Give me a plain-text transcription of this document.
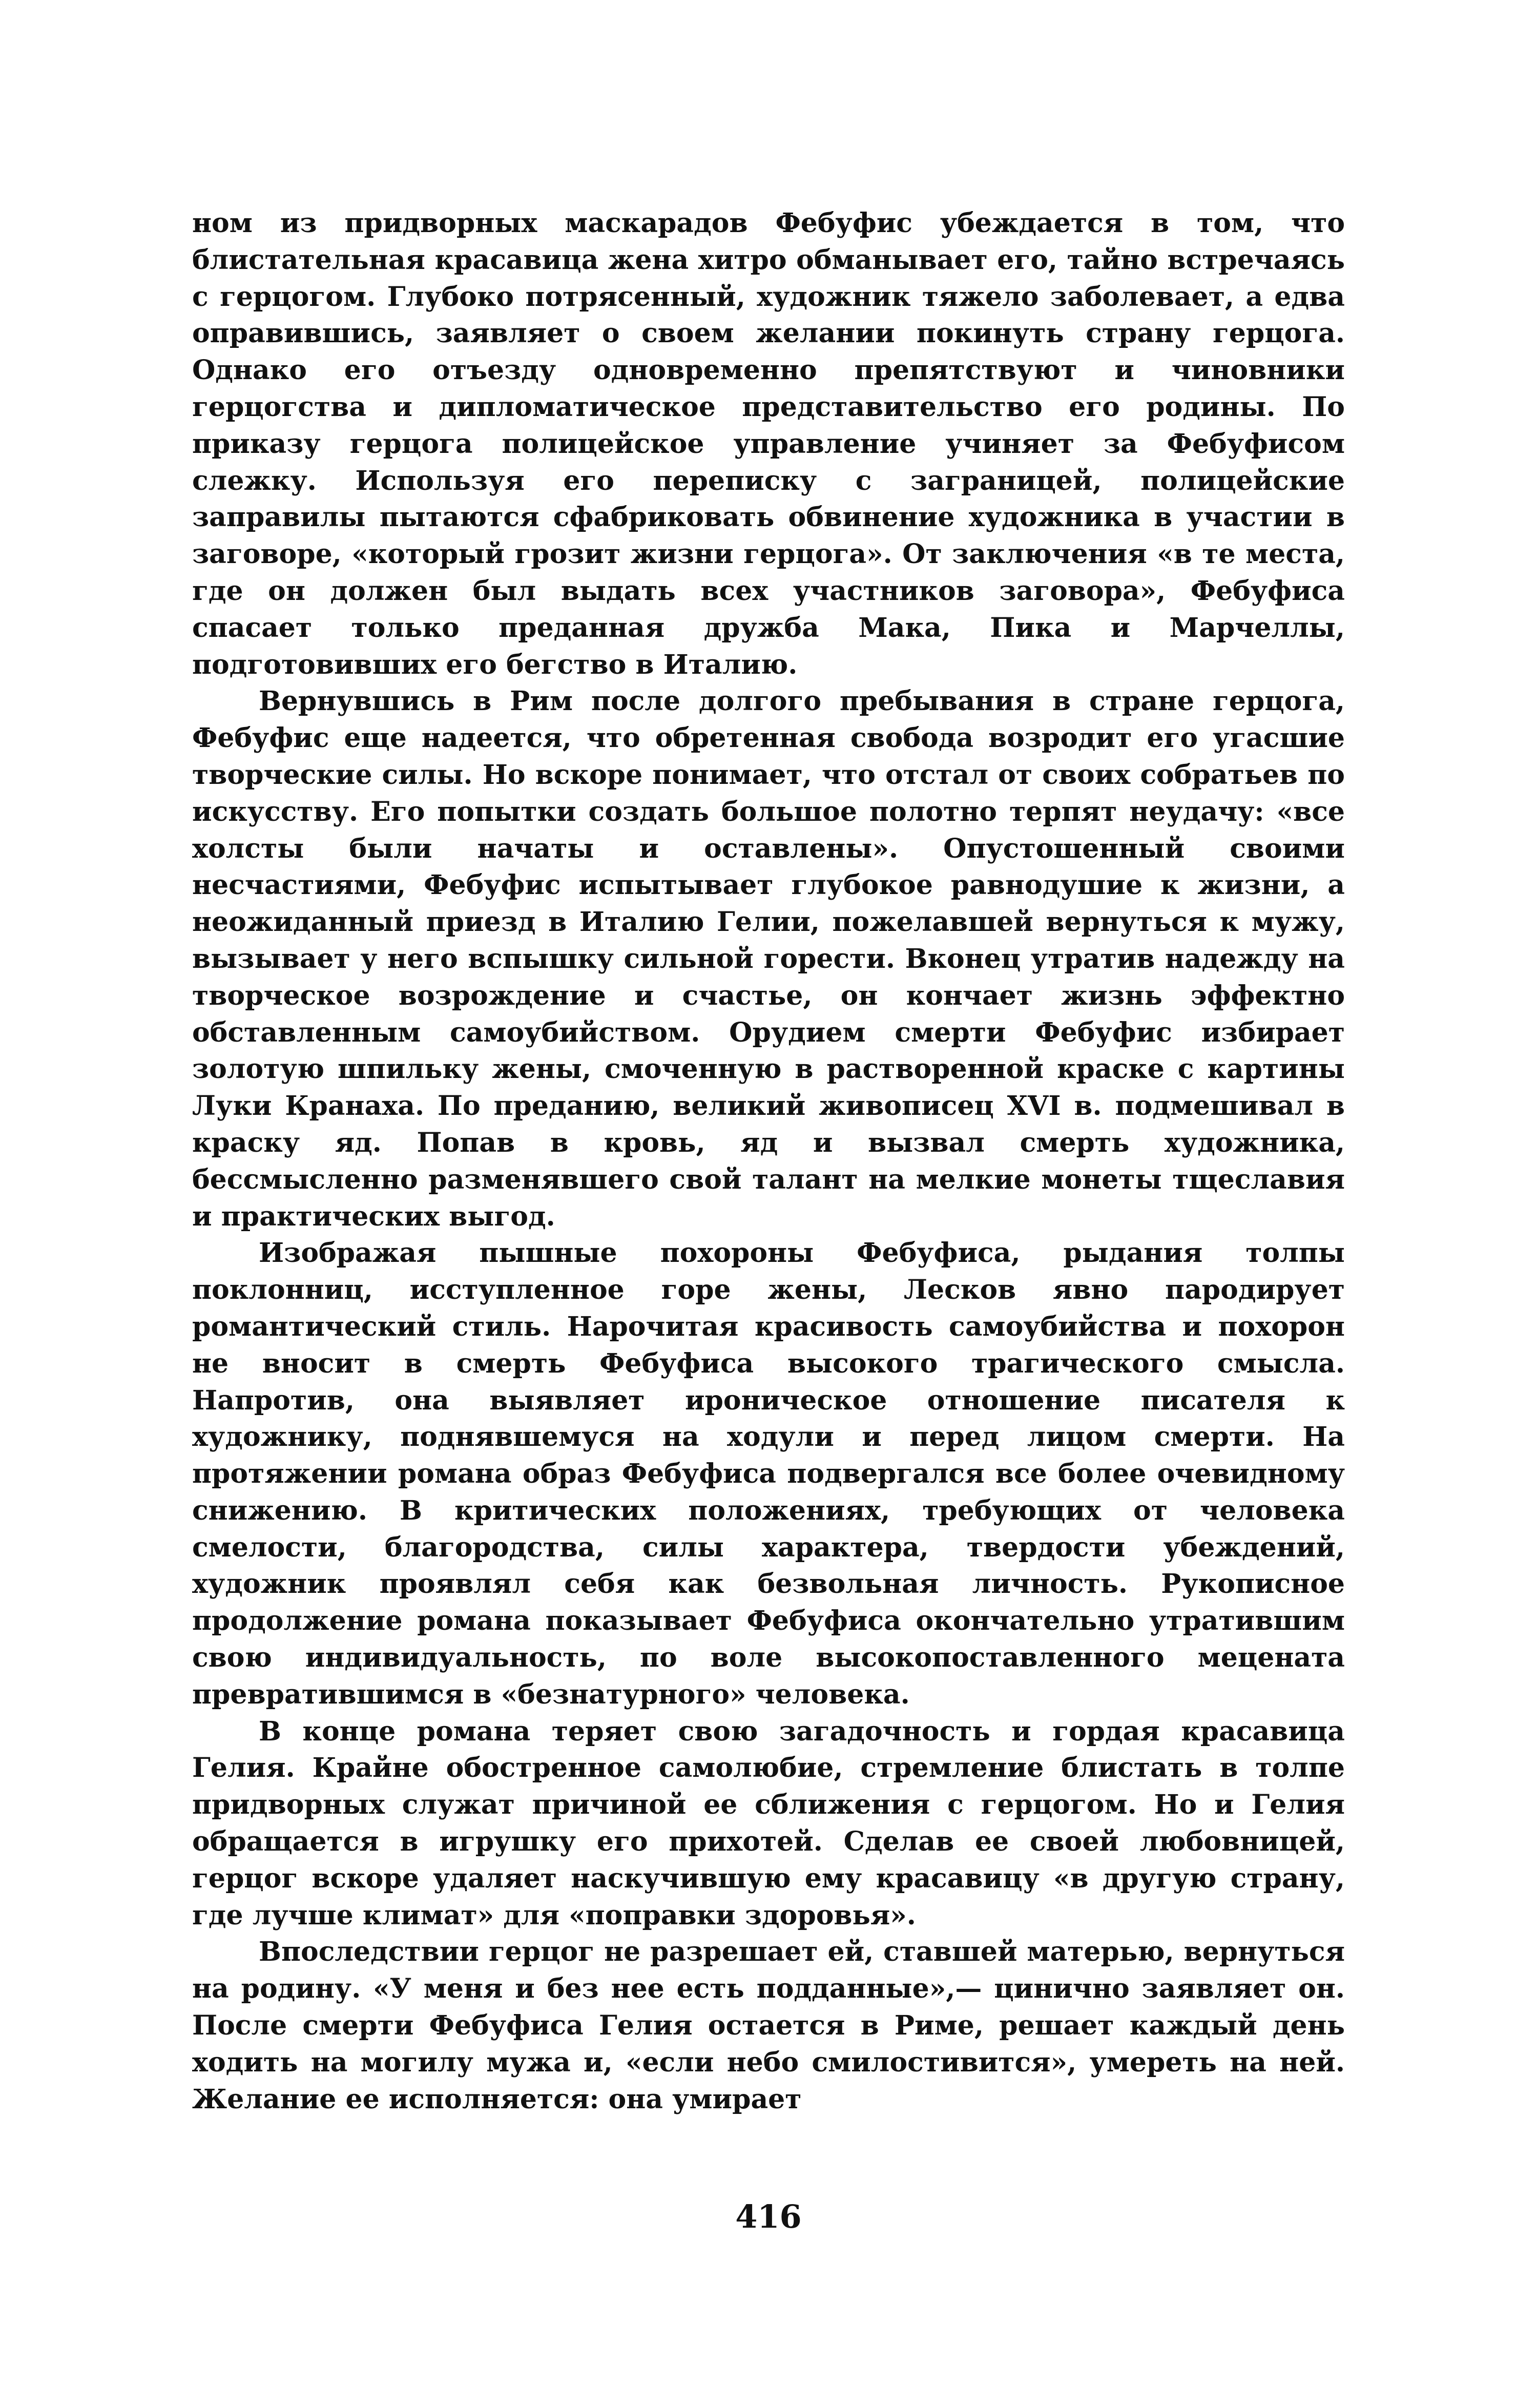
ном из придворных маскарадов Фебуфис убеждается в том, что блистательная красавица жена хитро обманывает его, тайно встречаясь с герцогом. Глубоко потрясенный, художник тяжело заболевает, а едва оправившись, заявляет о своем желании покинуть страну герцога. Однако его отъезду одновременно препятствуют и чиновники герцогства и дипломатическое представительство его родины. По приказу герцога полицейское управление учиняет за Фебуфисом слежку. Используя его переписку с заграницей, полицейские заправилы пытаются сфабриковать обвинение художника в участии в заговоре, «который грозит жизни герцога». От заключения «в те места, где он должен был выдать всех участников заговора», Фебуфиса спасает только преданная дружба Мака, Пика и Марчеллы, подготовивших его бегство в Италию.

Вернувшись в Рим после долгого пребывания в стране герцога, Фебуфис еще надеется, что обретенная свобода возродит его угасшие творческие силы. Но вскоре понимает, что отстал от своих собратьев по искусству. Его попытки создать большое полотно терпят неудачу: «все холсты были начаты и оставлены». Опустошенный своими несчастиями, Фебуфис испытывает глубокое равнодушие к жизни, а неожиданный приезд в Италию Гелии, пожелавшей вернуться к мужу, вызывает у него вспышку сильной горести. Вконец утратив надежду на творческое возрождение и счастье, он кончает жизнь эффектно обставленным самоубийством. Орудием смерти Фебуфис избирает золотую шпильку жены, смоченную в растворенной краске с картины Луки Кранаха. По преданию, великий живописец XVI в. подмешивал в краску яд. Попав в кровь, яд и вызвал смерть художника, бессмысленно разменявшего свой талант на мелкие монеты тщеславия и практических выгод.

Изображая пышные похороны Фебуфиса, рыдания толпы поклонниц, исступленное горе жены, Лесков явно пародирует романтический стиль. Нарочитая красивость самоубийства и похорон не вносит в смерть Фебуфиса высокого трагического смысла. Напротив, она выявляет ироническое отношение писателя к художнику, поднявшемуся на ходули и перед лицом смерти. На протяжении романа образ Фебуфиса подвергался все более очевидному снижению. В критических положениях, требующих от человека смелости, благородства, силы характера, твердости убеждений, художник проявлял себя как безвольная личность. Рукописное продолжение романа показывает Фебуфиса окончательно утратившим свою индивидуальность, по воле высокопоставленного мецената превратившимся в «безнатурного» человека.

В конце романа теряет свою загадочность и гордая красавица Гелия. Крайне обостренное самолюбие, стремление блистать в толпе придворных служат причиной ее сближения с герцогом. Но и Гелия обращается в игрушку его прихотей. Сделав ее своей любовницей, герцог вскоре удаляет наскучившую ему красавицу «в другую страну, где лучше климат» для «поправки здоровья».

Впоследствии герцог не разрешает ей, ставшей матерью, вернуться на родину. «У меня и без нее есть подданные»,— цинично заявляет он. После смерти Фебуфиса Гелия остается в Риме, решает каждый день ходить на могилу мужа и, «если небо смилостивится», умереть на ней. Желание ее исполняется: она умирает

416
